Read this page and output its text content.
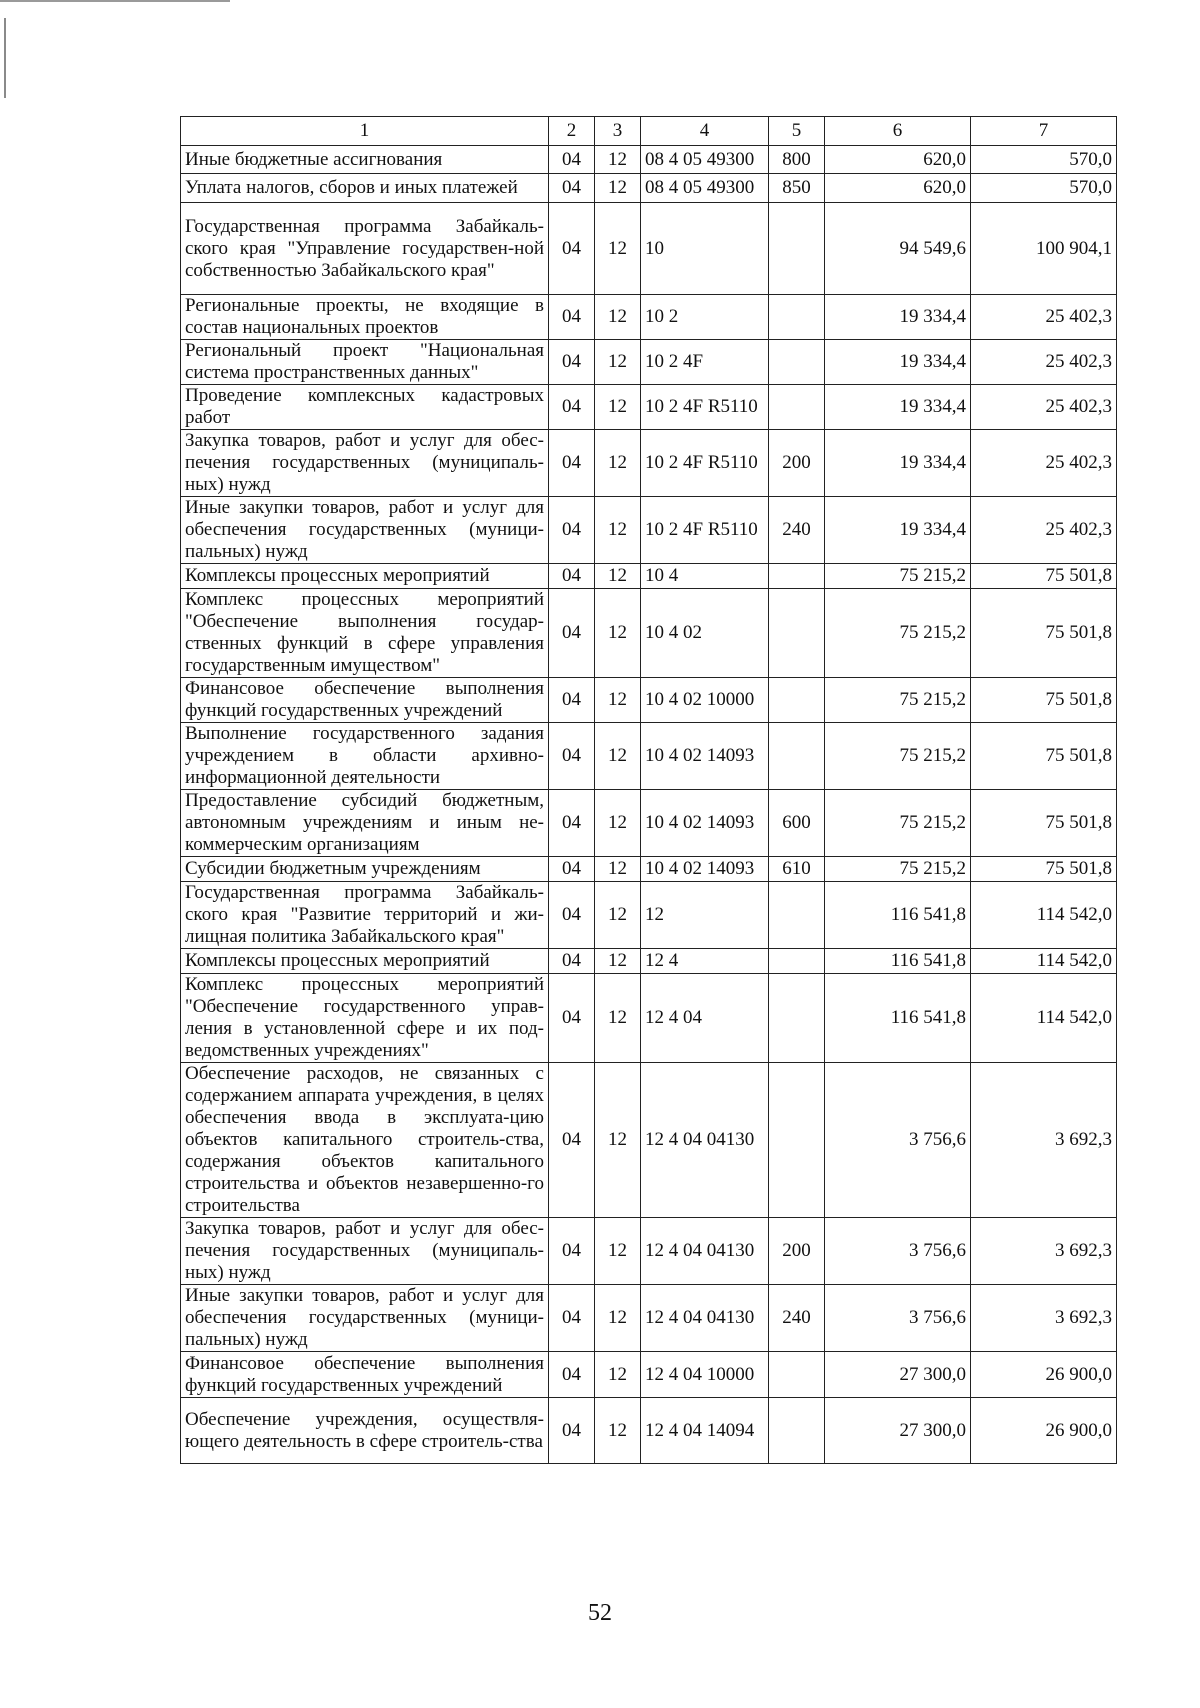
1	2	3	4	5	6	7
Иные бюджетные ассигнования	04	12	08 4 05 49300	800	620,0	570,0
Уплата налогов, сборов и иных платежей	04	12	08 4 05 49300	850	620,0	570,0
Государственная программа Забайкаль-ского края "Управление государствен-ной собственностью Забайкальского края"	04	12	10		94 549,6	100 904,1
Региональные проекты, не входящие в состав национальных проектов	04	12	10 2		19 334,4	25 402,3
Региональный проект "Национальная система пространственных данных"	04	12	10 2 4F		19 334,4	25 402,3
Проведение комплексных кадастровых работ	04	12	10 2 4F R5110		19 334,4	25 402,3
Закупка товаров, работ и услуг для обес-печения государственных (муниципаль-ных) нужд	04	12	10 2 4F R5110	200	19 334,4	25 402,3
Иные закупки товаров, работ и услуг для обеспечения государственных (муници-пальных) нужд	04	12	10 2 4F R5110	240	19 334,4	25 402,3
Комплексы процессных мероприятий	04	12	10 4		75 215,2	75 501,8
Комплекс процессных мероприятий "Обеспечение выполнения государ-ственных функций в сфере управления государственным имуществом"	04	12	10 4 02		75 215,2	75 501,8
Финансовое обеспечение выполнения функций государственных учреждений	04	12	10 4 02 10000		75 215,2	75 501,8
Выполнение государственного задания учреждением в области архивно-информационной деятельности	04	12	10 4 02 14093		75 215,2	75 501,8
Предоставление субсидий бюджетным, автономным учреждениям и иным не-коммерческим организациям	04	12	10 4 02 14093	600	75 215,2	75 501,8
Субсидии бюджетным учреждениям	04	12	10 4 02 14093	610	75 215,2	75 501,8
Государственная программа Забайкаль-ского края "Развитие территорий и жи-лищная политика Забайкальского края"	04	12	12		116 541,8	114 542,0
Комплексы процессных мероприятий	04	12	12 4		116 541,8	114 542,0
Комплекс процессных мероприятий "Обеспечение государственного управ-ления в установленной сфере и их под-ведомственных учреждениях"	04	12	12 4 04		116 541,8	114 542,0
Обеспечение расходов, не связанных с содержанием аппарата учреждения, в целях обеспечения ввода в эксплуата-цию объектов капитального строитель-ства, содержания объектов капитального строительства и объектов незавершенно-го строительства	04	12	12 4 04 04130		3 756,6	3 692,3
Закупка товаров, работ и услуг для обес-печения государственных (муниципаль-ных) нужд	04	12	12 4 04 04130	200	3 756,6	3 692,3
Иные закупки товаров, работ и услуг для обеспечения государственных (муници-пальных) нужд	04	12	12 4 04 04130	240	3 756,6	3 692,3
Финансовое обеспечение выполнения функций государственных учреждений	04	12	12 4 04 10000		27 300,0	26 900,0
Обеспечение учреждения, осуществля-ющего деятельность в сфере строитель-ства	04	12	12 4 04 14094		27 300,0	26 900,0
52
